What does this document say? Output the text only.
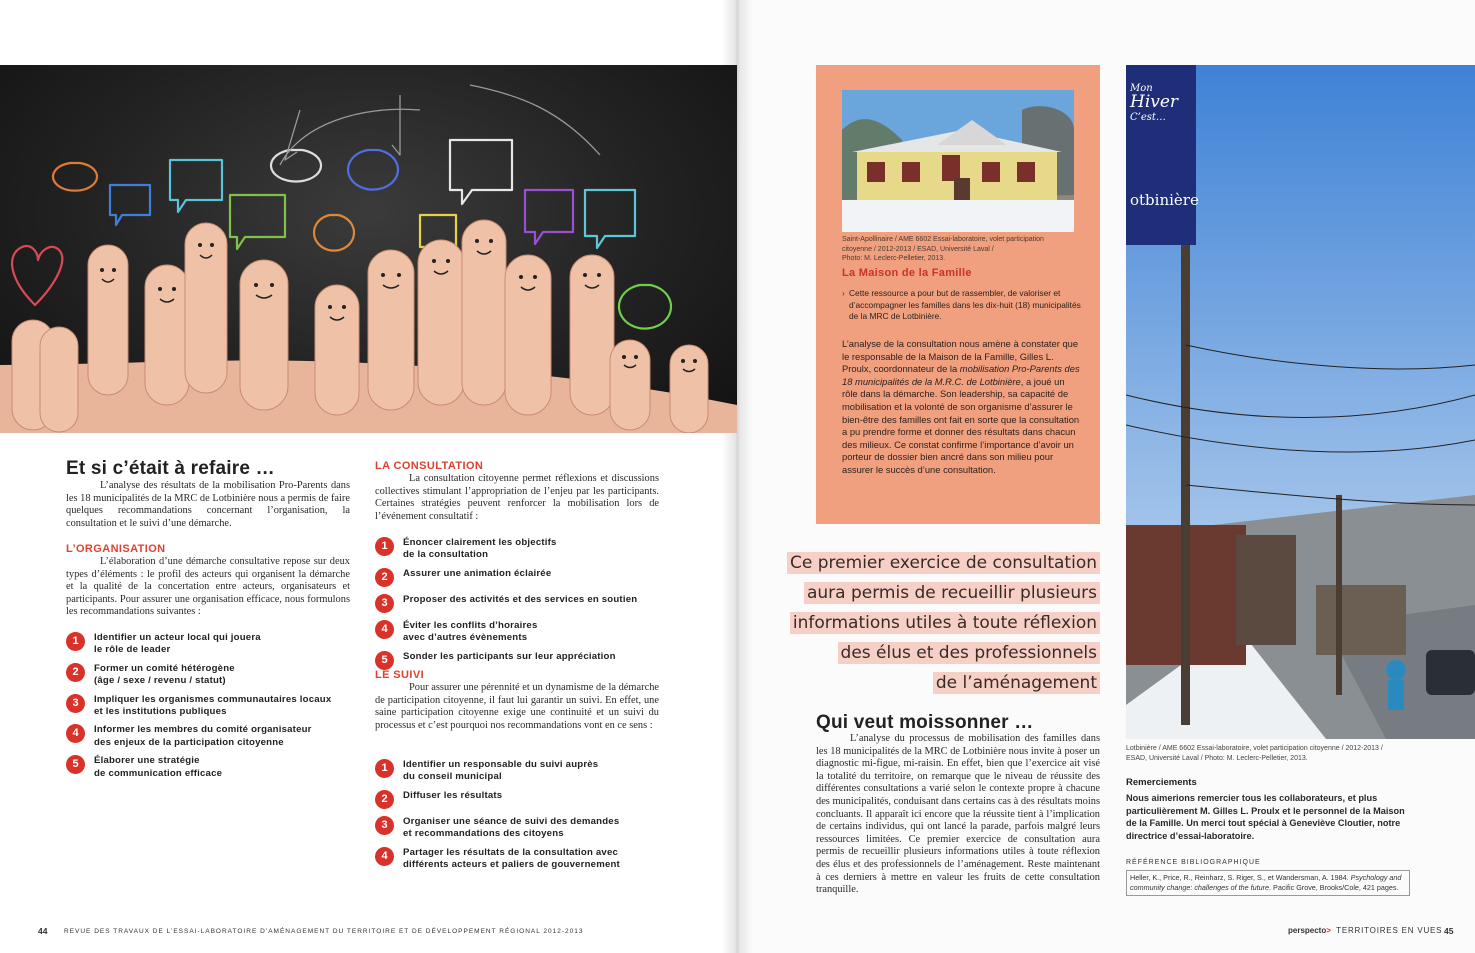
Et si c’était à refaire …

L’analyse des résultats de la mobilisation Pro-Parents dans les 18 municipalités de la MRC de Lotbinière nous a permis de faire quelques recommandations concernant l’organisation, la consultation et le suivi d’une démarche.

L’ORGANISATION

L’élaboration d’une démarche consultative repose sur deux types d’éléments : le profil des acteurs qui organisent la démarche et la qualité de la concertation entre acteurs, organisateurs et participants. Pour assurer une organisation efficace, nous formulons les recommandations suivantes :

1	Identifier un acteur local qui jouera
le rôle de leader
2	Former un comité hétérogène
(âge / sexe / revenu / statut)
3	Impliquer les organismes communautaires locaux
et les institutions publiques
4	Informer les membres du comité organisateur
des enjeux de la participation citoyenne
5	Élaborer une stratégie
de communication efficace
LA CONSULTATION

La consultation citoyenne permet réflexions et discussions collectives stimulant l’appropriation de l’enjeu par les participants. Certaines stratégies peuvent renforcer la mobilisation lors de l’événement consultatif :

1	Énoncer clairement les objectifs
de la consultation
2	Assurer une animation éclairée
3	Proposer des activités et des services en soutien
4	Éviter les conflits d’horaires
avec d’autres évènements
5	Sonder les participants sur leur appréciation
LE SUIVI

Pour assurer une pérennité et un dynamisme de la démarche de participation citoyenne, il faut lui garantir un suivi. En effet, une saine participation citoyenne exige une continuité et un suivi du processus et c’est pourquoi nos recommandations vont en ce sens :

1	Identifier un responsable du suivi auprès
du conseil municipal
2	Diffuser les résultats
3	Organiser une séance de suivi des demandes
et recommandations des citoyens
4	Partager les résultats de la consultation avec
différents acteurs et paliers de gouvernement
44	REVUE DES TRAVAUX DE L’ESSAI-LABORATOIRE D’AMÉNAGEMENT DU TERRITOIRE ET DE DÉVELOPPEMENT RÉGIONAL 2012-2013
Saint-Apollinaire / AME 6602 Essai-laboratoire, volet participation
citoyenne / 2012-2013 / ESAD, Université Laval /
Photo: M. Leclerc-Pelletier, 2013.
La Maison de la Famille
› Cette ressource a pour but de rassembler, de valoriser et d’accompagner les familles dans les dix-huit (18) municipalités de la MRC de Lotbinière.

L’analyse de la consultation nous amène à constater que le responsable de la Maison de la Famille, Gilles L. Proulx, coordonnateur de la mobilisation Pro-Parents des 18 municipalités de la M.R.C. de Lotbinière, a joué un rôle dans la démarche. Son leadership, sa capacité de mobilisation et la volonté de son organisme d’assurer le bien-être des familles ont fait en sorte que la consultation a pu prendre forme et donner des résultats dans chacun des milieux. Ce constat confirme l’importance d’avoir un porteur de dossier bien ancré dans son milieu pour assurer le succès d’une consultation.

Ce premier exercice de consultation
aura permis de recueillir plusieurs
informations utiles à toute réflexion
des élus et des professionnels
de l’aménagement
Qui veut moissonner …

L’analyse du processus de mobilisation des familles dans les 18 municipalités de la MRC de Lotbinière nous invite à poser un diagnostic mi-figue, mi-raisin. En effet, bien que l’exercice ait visé la totalité du territoire, on remarque que le niveau de réussite des différentes consultations a varié selon le contexte propre à chacune des municipalités, conduisant dans certains cas à des résultats moins concluants. Il apparaît ici encore que la réussite tient à l’implication de certains individus, qui ont lancé la parade, parfois malgré leurs ressources limitées. Ce premier exercice de consultation aura permis de recueillir plusieurs informations utiles à toute réflexion des élus et des professionnels de l’aménagement. Reste maintenant à ces derniers à mettre en valeur les fruits de cette consultation tranquille.

Mon
Hiver
C’est…
otbinière
Lotbinière / AME 6602 Essai-laboratoire, volet participation citoyenne / 2012-2013 /
ESAD, Université Laval / Photo: M. Leclerc-Pelletier, 2013.
Remerciements

Nous aimerions remercier tous les collaborateurs, et plus particulièrement M. Gilles L. Proulx et le personnel de la Maison de la Famille. Un merci tout spécial à Geneviève Cloutier, notre directrice d’essai-laboratoire.

RÉFÉRENCE BIBLIOGRAPHIQUE
Heller, K., Price, R., Reinharz, S. Riger, S., et Wandersman, A. 1984. Psychology and community change: challenges of the future. Pacific Grove, Brooks/Cole, 421 pages.
perspecto> TERRITOIRES EN VUES 45
